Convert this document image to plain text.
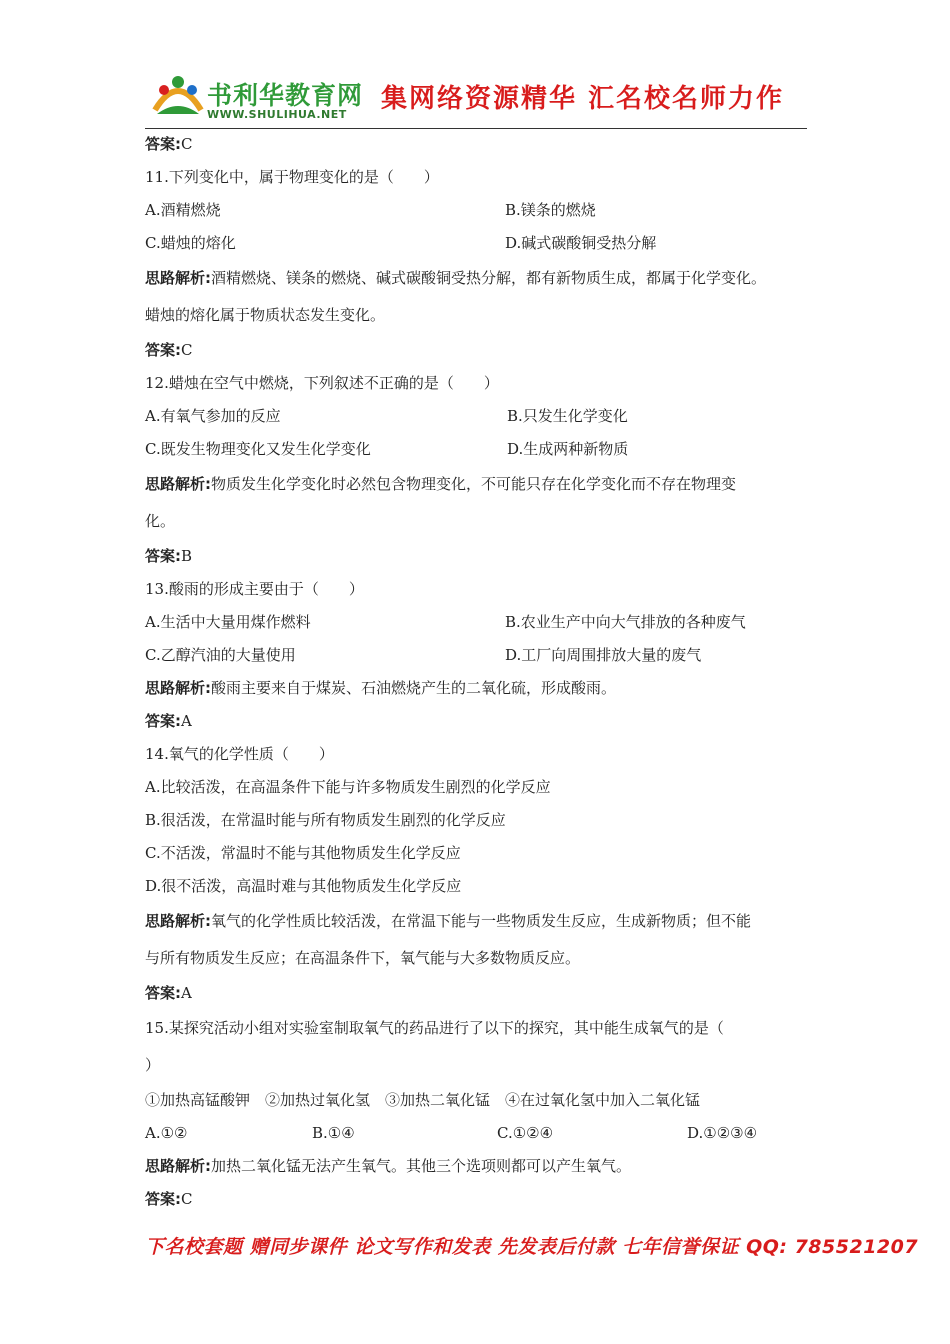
书利华教育网
WWW.SHULIHUA.NET
集网络资源精华 汇名校名师力作
答案:C
11.下列变化中，属于物理变化的是（　　）
A.酒精燃烧	B.镁条的燃烧
C.蜡烛的熔化	D.碱式碳酸铜受热分解
思路解析:酒精燃烧、镁条的燃烧、碱式碳酸铜受热分解，都有新物质生成，都属于化学变化。
蜡烛的熔化属于物质状态发生变化。
答案:C
12.蜡烛在空气中燃烧，下列叙述不正确的是（　　）
A.有氧气参加的反应	B.只发生化学变化
C.既发生物理变化又发生化学变化	D.生成两种新物质
思路解析:物质发生化学变化时必然包含物理变化，不可能只存在化学变化而不存在物理变
化。
答案:B
13.酸雨的形成主要由于（　　）
A.生活中大量用煤作燃料	B.农业生产中向大气排放的各种废气
C.乙醇汽油的大量使用	D.工厂向周围排放大量的废气
思路解析:酸雨主要来自于煤炭、石油燃烧产生的二氧化硫，形成酸雨。
答案:A
14.氧气的化学性质（　　）
A.比较活泼，在高温条件下能与许多物质发生剧烈的化学反应
B.很活泼，在常温时能与所有物质发生剧烈的化学反应
C.不活泼，常温时不能与其他物质发生化学反应
D.很不活泼，高温时难与其他物质发生化学反应
思路解析:氧气的化学性质比较活泼，在常温下能与一些物质发生反应，生成新物质；但不能
与所有物质发生反应；在高温条件下，氧气能与大多数物质反应。
答案:A
15.某探究活动小组对实验室制取氧气的药品进行了以下的探究，其中能生成氧气的是（
）
①加热高锰酸钾　②加热过氧化氢　③加热二氧化锰　④在过氧化氢中加入二氧化锰
A.①②	B.①④	C.①②④	D.①②③④
思路解析:加热二氧化锰无法产生氧气。其他三个选项则都可以产生氧气。
答案:C
下名校套题 赠同步课件 论文写作和发表 先发表后付款 七年信誉保证 QQ: 785521207
